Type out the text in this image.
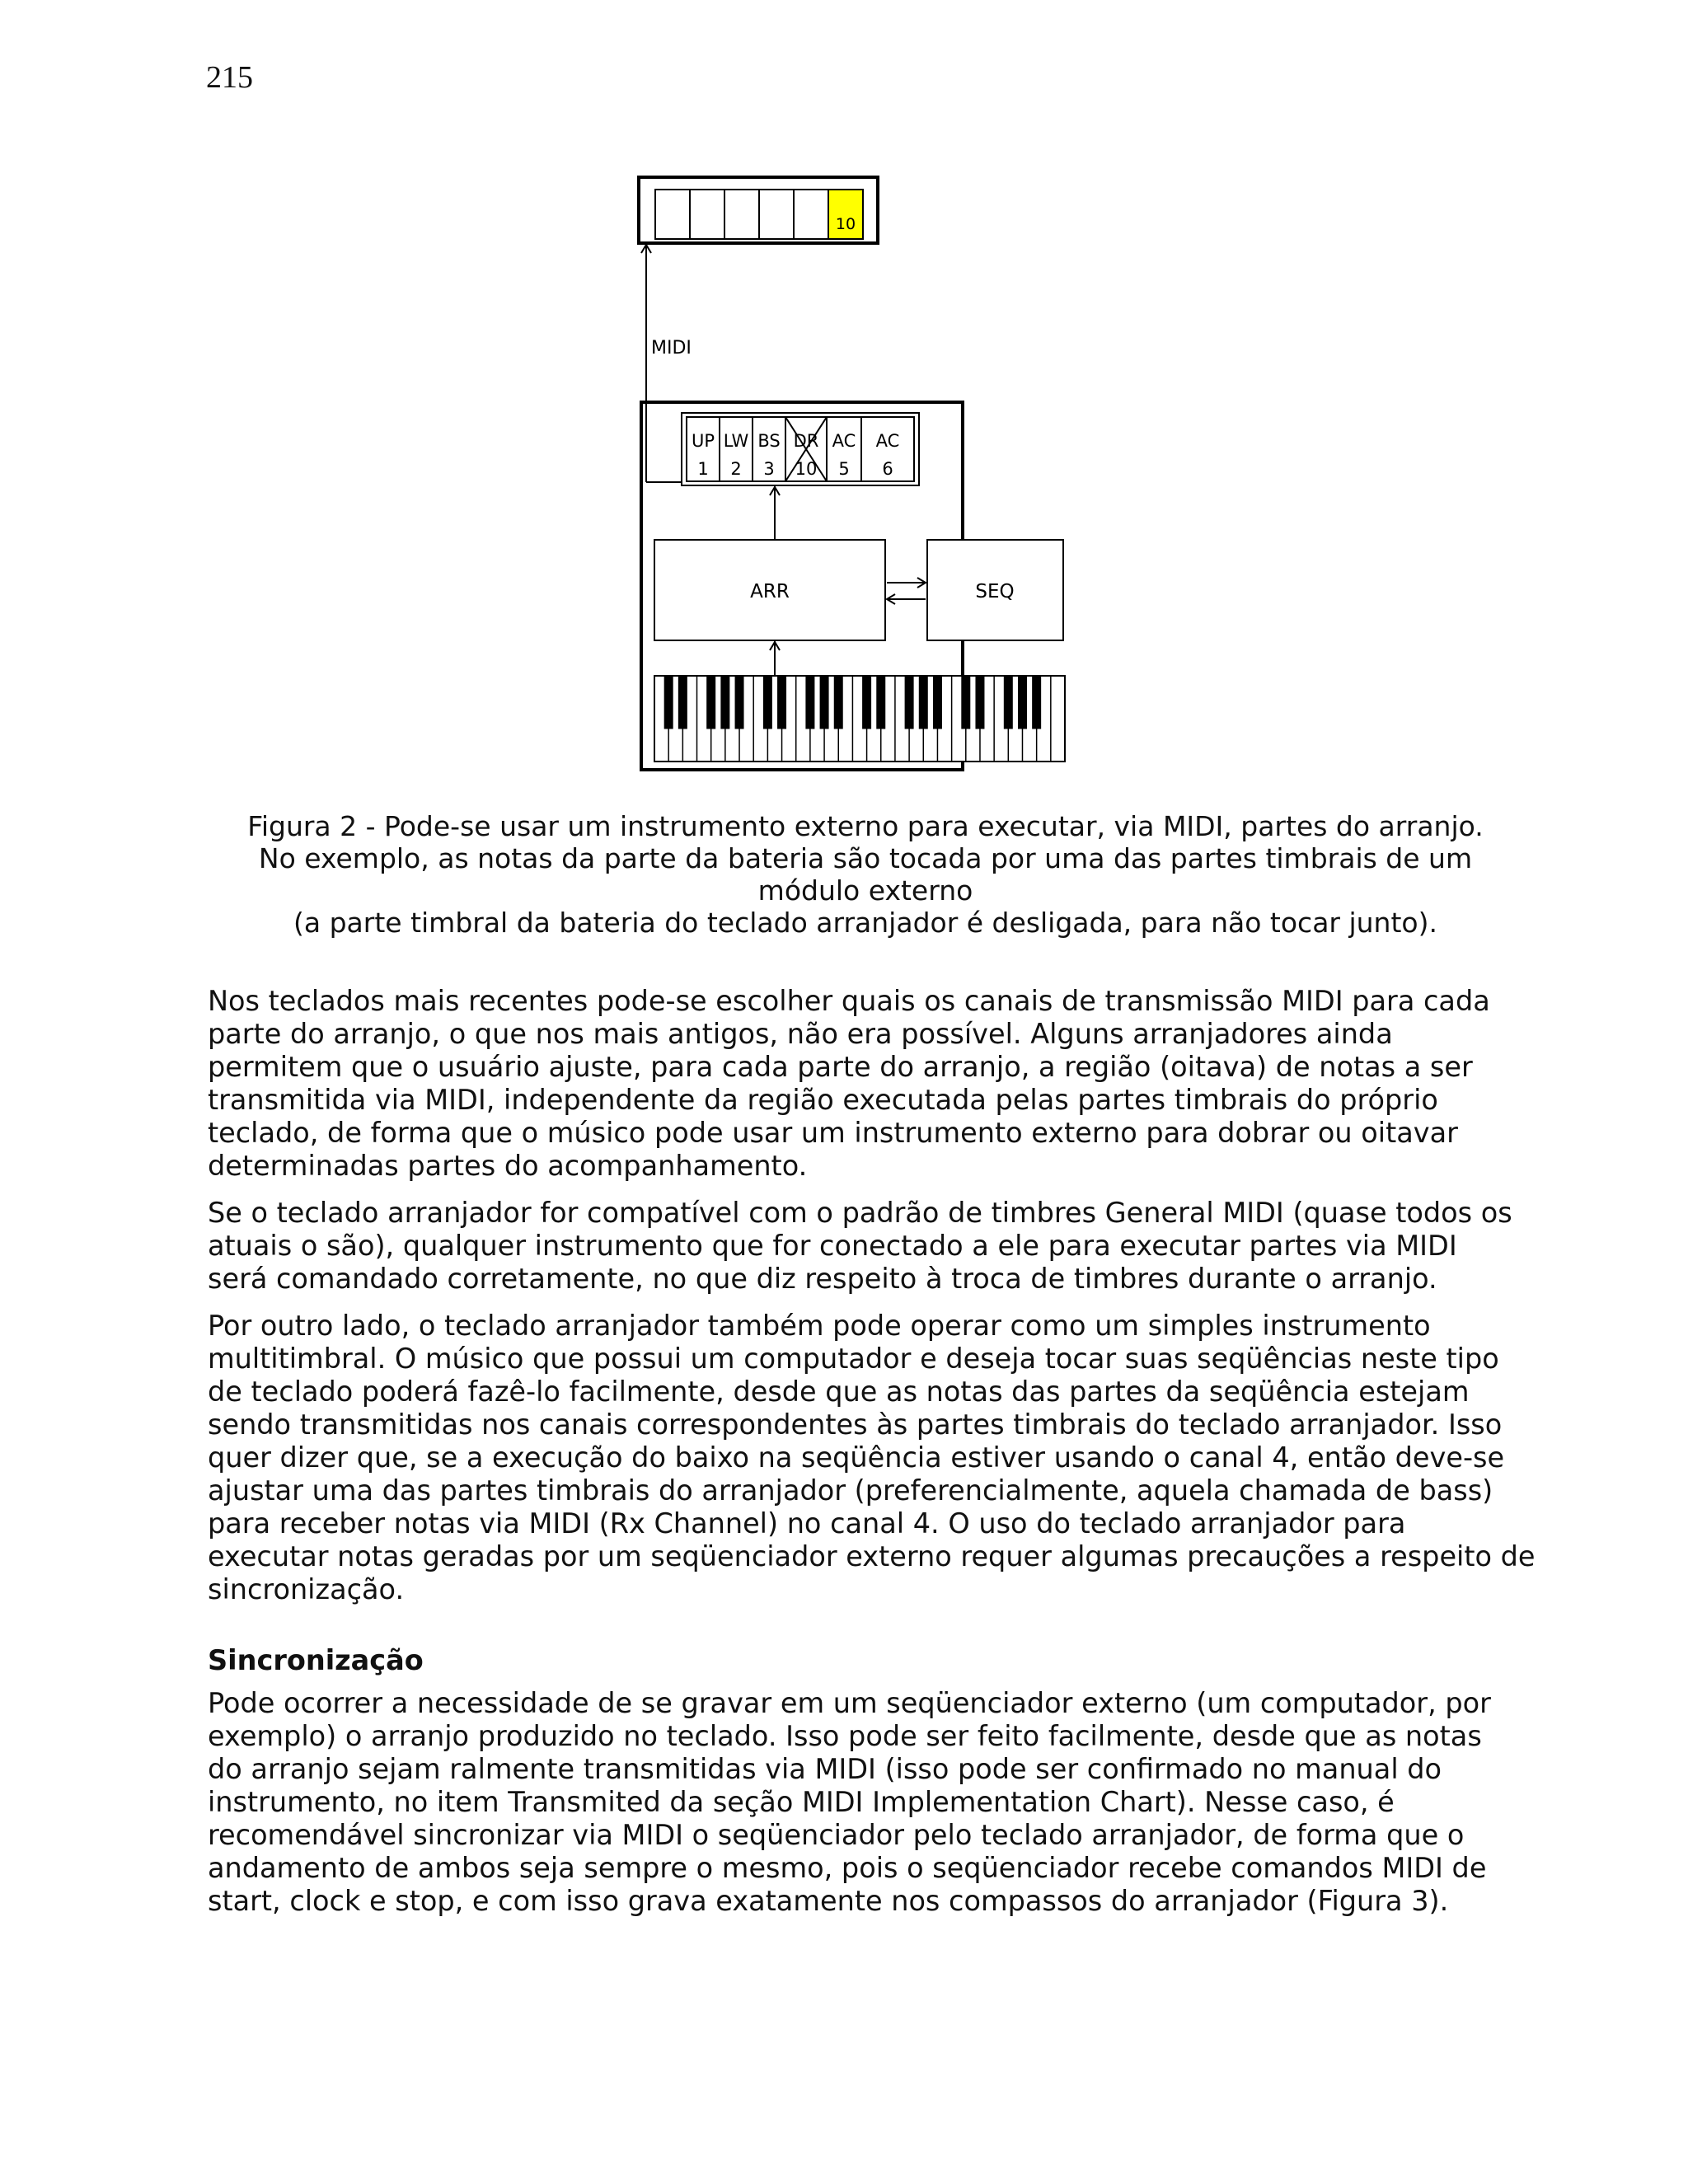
215
10
MIDI
UP
1
LW
2
BS
3
DR
10
AC
5
AC
6
ARR	SEQ
Figura 2 - Pode-se usar um instrumento externo para executar, via MIDI, partes do arranjo.
No exemplo, as notas da parte da bateria são tocada por uma das partes timbrais de um
módulo externo
(a parte timbral da bateria do teclado arranjador é desligada, para não tocar junto).

Nos teclados mais recentes pode-se escolher quais os canais de transmissão MIDI para cada
parte do arranjo, o que nos mais antigos, não era possível. Alguns arranjadores ainda
permitem que o usuário ajuste, para cada parte do arranjo, a região (oitava) de notas a ser
transmitida via MIDI, independente da região executada pelas partes timbrais do próprio
teclado, de forma que o músico pode usar um instrumento externo para dobrar ou oitavar
determinadas partes do acompanhamento.

Se o teclado arranjador for compatível com o padrão de timbres General MIDI (quase todos os
atuais o são), qualquer instrumento que for conectado a ele para executar partes via MIDI
será comandado corretamente, no que diz respeito à troca de timbres durante o arranjo.

Por outro lado, o teclado arranjador também pode operar como um simples instrumento
multitimbral. O músico que possui um computador e deseja tocar suas seqüências neste tipo
de teclado poderá fazê-lo facilmente, desde que as notas das partes da seqüência estejam
sendo transmitidas nos canais correspondentes às partes timbrais do teclado arranjador. Isso
quer dizer que, se a execução do baixo na seqüência estiver usando o canal 4, então deve-se
ajustar uma das partes timbrais do arranjador (preferencialmente, aquela chamada de bass)
para receber notas via MIDI (Rx Channel) no canal 4. O uso do teclado arranjador para
executar notas geradas por um seqüenciador externo requer algumas precauções a respeito de
sincronização.

Sincronização

Pode ocorrer a necessidade de se gravar em um seqüenciador externo (um computador, por
exemplo) o arranjo produzido no teclado. Isso pode ser feito facilmente, desde que as notas
do arranjo sejam ralmente transmitidas via MIDI (isso pode ser confirmado no manual do
instrumento, no item Transmited da seção MIDI Implementation Chart). Nesse caso, é
recomendável sincronizar via MIDI o seqüenciador pelo teclado arranjador, de forma que o
andamento de ambos seja sempre o mesmo, pois o seqüenciador recebe comandos MIDI de
start, clock e stop, e com isso grava exatamente nos compassos do arranjador (Figura 3).
